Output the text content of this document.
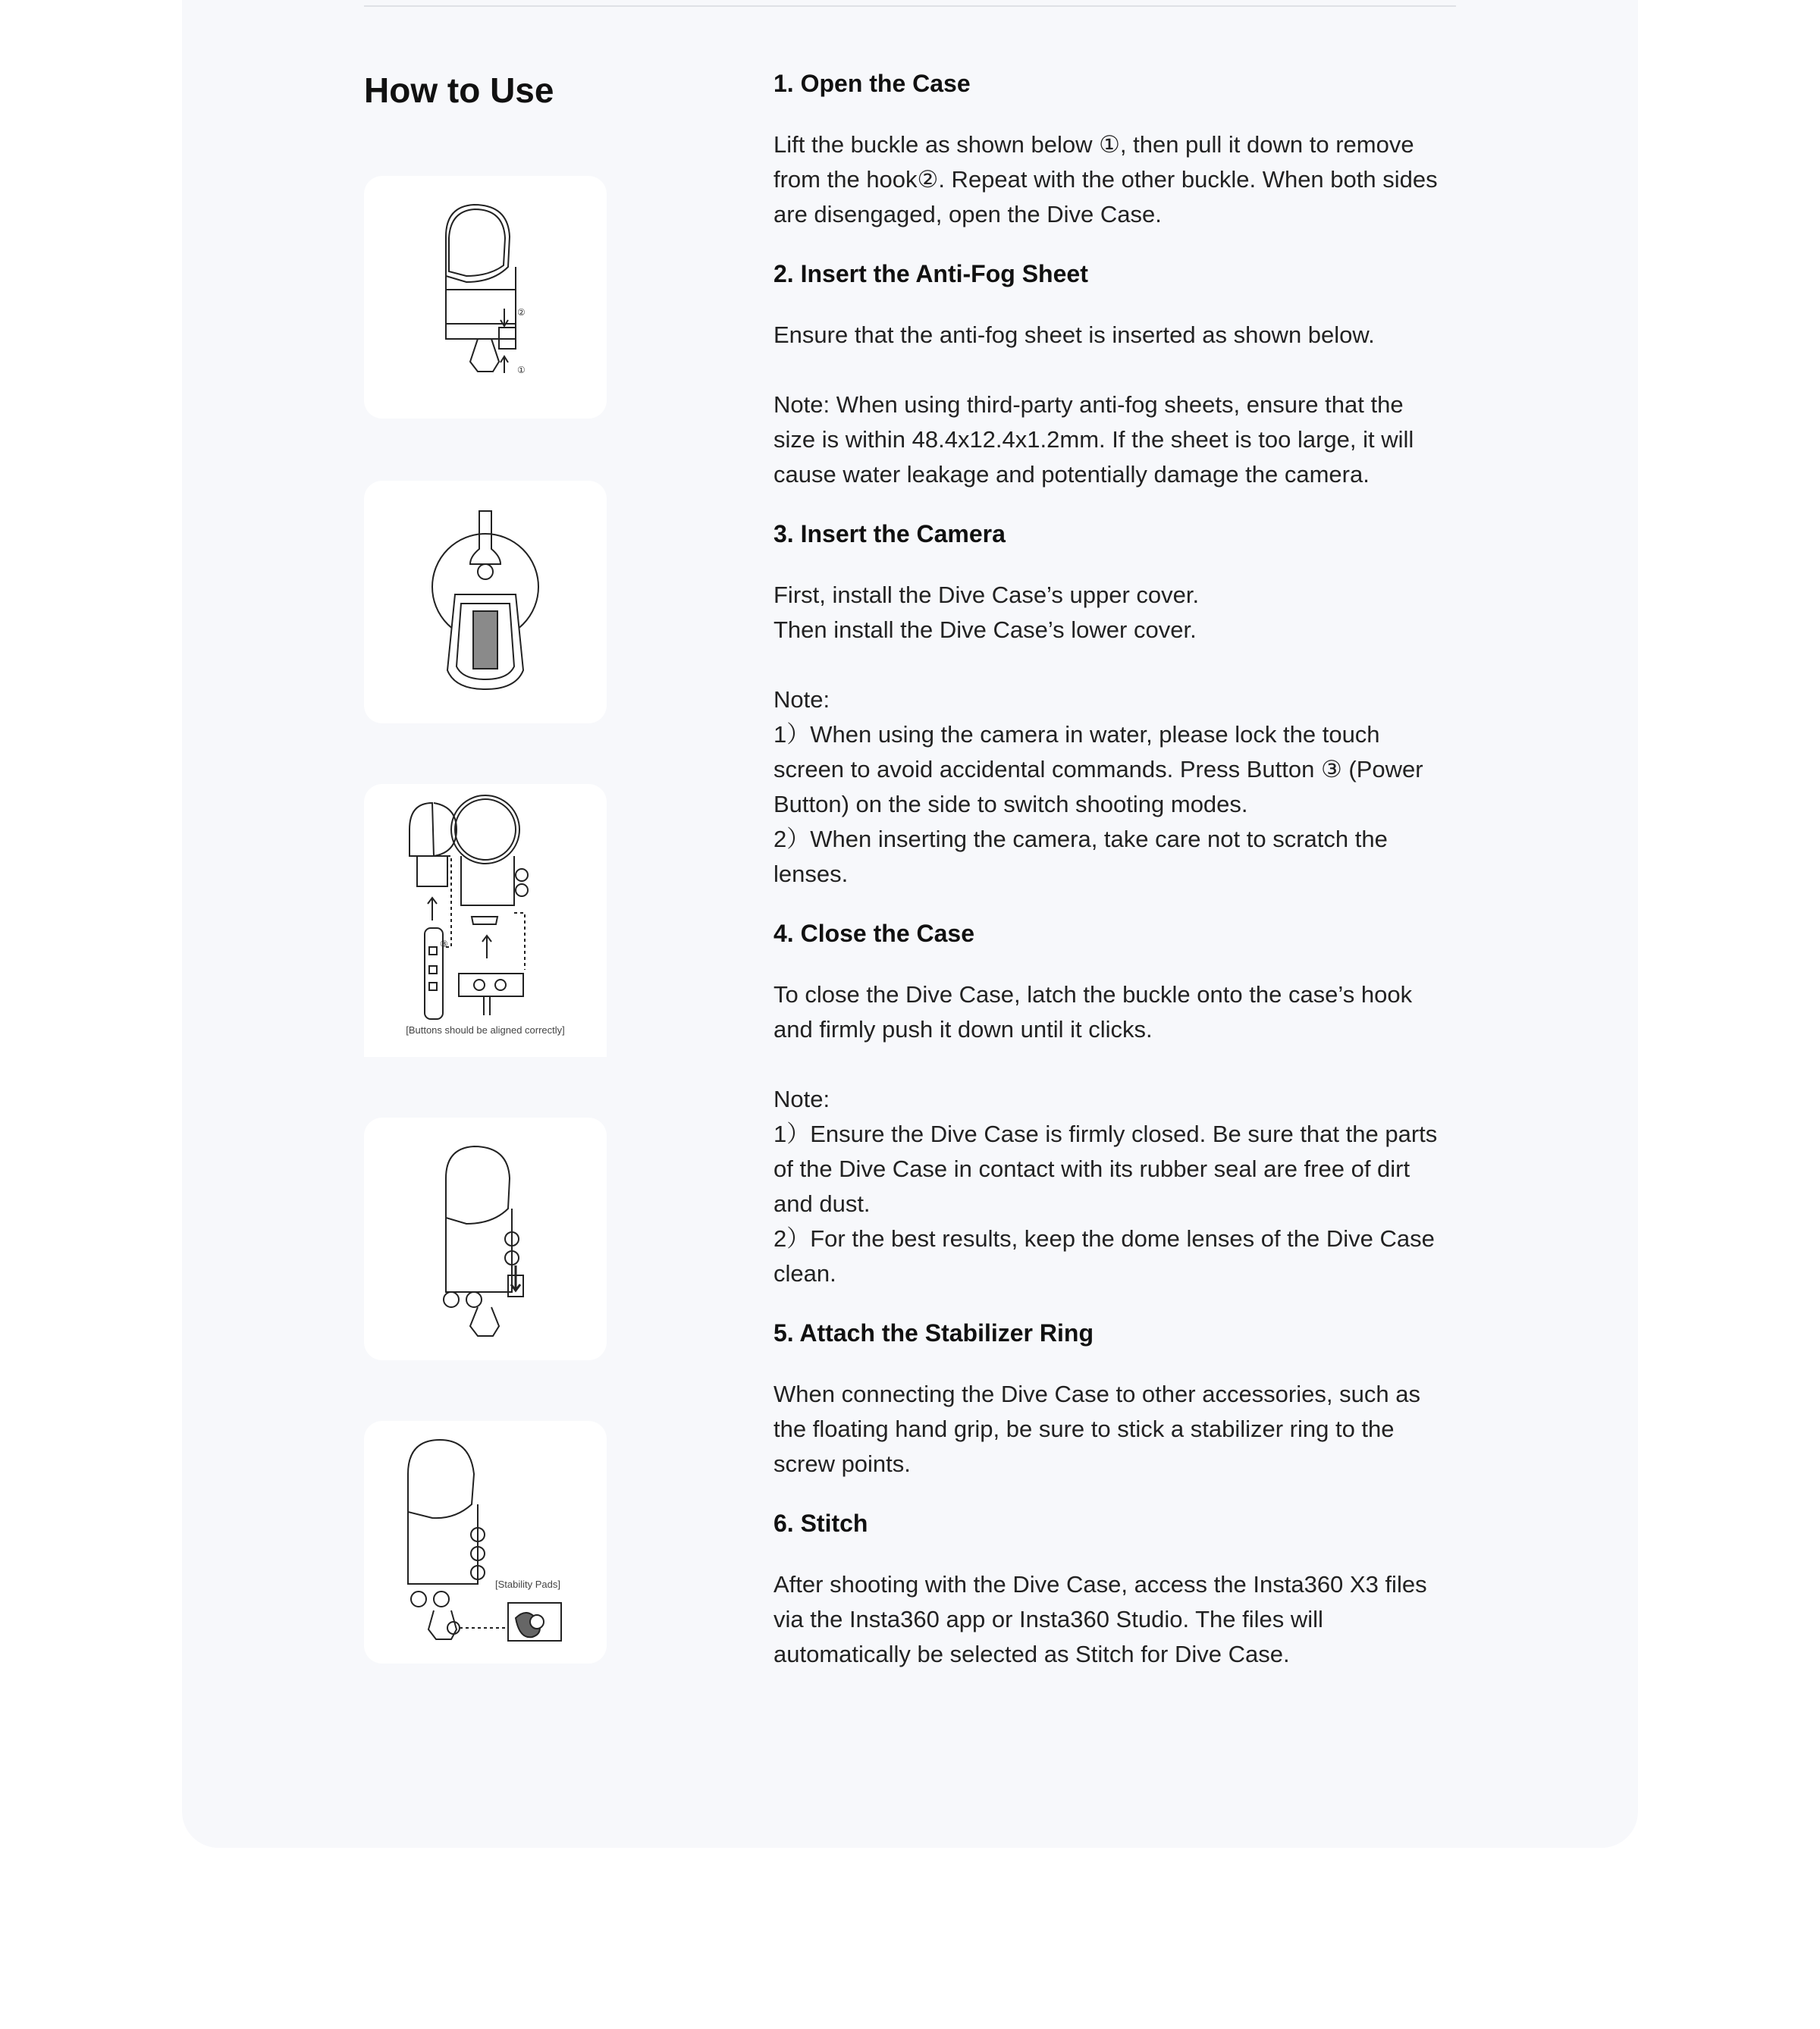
How to Use
②
①
③
[Buttons should be aligned correctly]
[Stability Pads]
1. Open the Case

Lift the buckle as shown below ①, then pull it down to remove from the hook②. Repeat with the other buckle. When both sides are disengaged, open the Dive Case.

2. Insert the Anti-Fog Sheet

Ensure that the anti-fog sheet is inserted as shown below.

Note: When using third-party anti-fog sheets, ensure that the size is within 48.4x12.4x1.2mm. If the sheet is too large, it will cause water leakage and potentially damage the camera.

3. Insert the Camera

First, install the Dive Case’s upper cover.
Then install the Dive Case’s lower cover.

Note:
1）When using the camera in water, please lock the touch screen to avoid accidental commands. Press Button ③ (Power Button) on the side to switch shooting modes.
2）When inserting the camera, take care not to scratch the lenses.

4. Close the Case

To close the Dive Case, latch the buckle onto the case’s hook and firmly push it down until it clicks.

Note:
1）Ensure the Dive Case is firmly closed. Be sure that the parts of the Dive Case in contact with its rubber seal are free of dirt and dust.
2）For the best results, keep the dome lenses of the Dive Case clean.

5. Attach the Stabilizer Ring

When connecting the Dive Case to other accessories, such as the floating hand grip, be sure to stick a stabilizer ring to the screw points.

6. Stitch

After shooting with the Dive Case, access the Insta360 X3 files via the Insta360 app or Insta360 Studio. The files will automatically be selected as Stitch for Dive Case.
